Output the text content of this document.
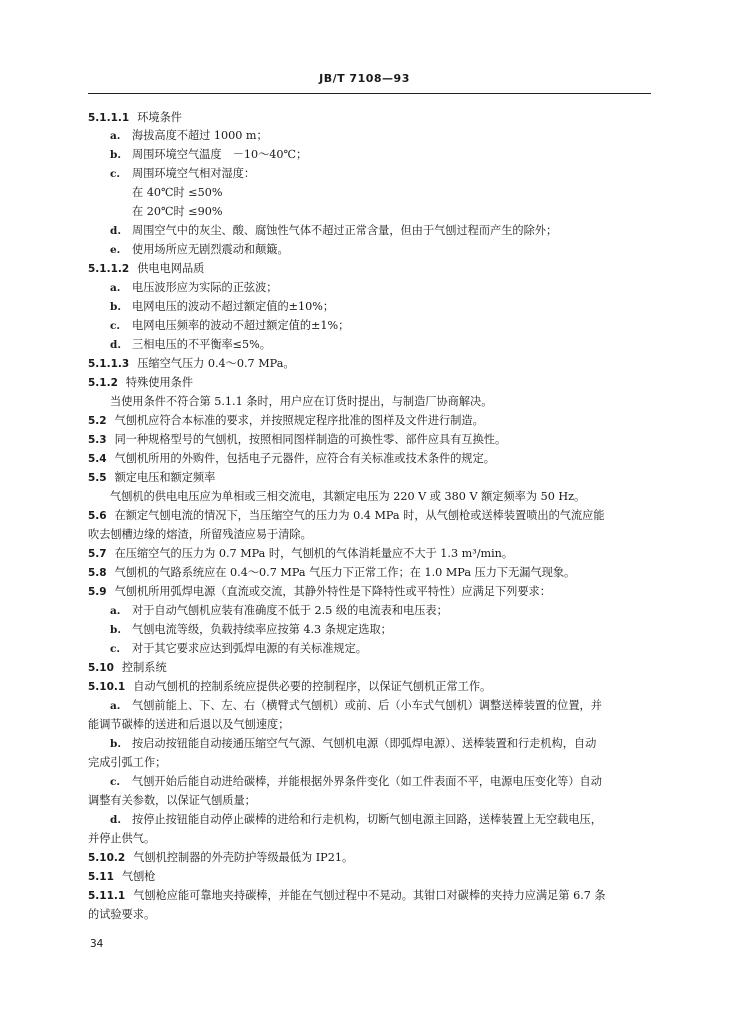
JB/T 7108—93
5.1.1.1 环境条件
a. 海拔高度不超过 1000 m；
b. 周围环境空气温度　－10～40℃；
c. 周围环境空气相对湿度：
在 40℃时 ≤50%
在 20℃时 ≤90%
d. 周围空气中的灰尘、酸、腐蚀性气体不超过正常含量，但由于气刨过程而产生的除外；
e. 使用场所应无剧烈震动和颠簸。
5.1.1.2 供电电网品质
a. 电压波形应为实际的正弦波；
b. 电网电压的波动不超过额定值的±10%；
c. 电网电压频率的波动不超过额定值的±1%；
d. 三相电压的不平衡率≤5%。
5.1.1.3 压缩空气压力 0.4～0.7 MPa。
5.1.2 特殊使用条件
当使用条件不符合第 5.1.1 条时，用户应在订货时提出，与制造厂协商解决。
5.2 气刨机应符合本标准的要求，并按照规定程序批准的图样及文件进行制造。
5.3 同一种规格型号的气刨机，按照相同图样制造的可换性零、部件应具有互换性。
5.4 气刨机所用的外购件，包括电子元器件，应符合有关标准或技术条件的规定。
5.5 额定电压和额定频率
气刨机的供电电压应为单相或三相交流电，其额定电压为 220 V 或 380 V 额定频率为 50 Hz。
5.6 在额定气刨电流的情况下，当压缩空气的压力为 0.4 MPa 时，从气刨枪或送棒装置喷出的气流应能
吹去刨槽边缘的熔渣，所留残渣应易于清除。
5.7 在压缩空气的压力为 0.7 MPa 时，气刨机的气体消耗量应不大于 1.3 m³/min。
5.8 气刨机的气路系统应在 0.4～0.7 MPa 气压力下正常工作；在 1.0 MPa 压力下无漏气现象。
5.9 气刨机所用弧焊电源（直流或交流，其静外特性是下降特性或平特性）应满足下列要求：
a. 对于自动气刨机应装有准确度不低于 2.5 级的电流表和电压表；
b. 气刨电流等级，负载持续率应按第 4.3 条规定选取；
c. 对于其它要求应达到弧焊电源的有关标准规定。
5.10 控制系统
5.10.1 自动气刨机的控制系统应提供必要的控制程序，以保证气刨机正常工作。
a. 气刨前能上、下、左、右（横臂式气刨机）或前、后（小车式气刨机）调整送棒装置的位置，并
能调节碳棒的送进和后退以及气刨速度；
b. 按启动按钮能自动接通压缩空气气源、气刨机电源（即弧焊电源）、送棒装置和行走机构，自动
完成引弧工作；
c. 气刨开始后能自动进给碳棒，并能根据外界条件变化（如工件表面不平，电源电压变化等）自动
调整有关参数，以保证气刨质量；
d. 按停止按钮能自动停止碳棒的进给和行走机构，切断气刨电源主回路，送棒装置上无空载电压，
并停止供气。
5.10.2 气刨机控制器的外壳防护等级最低为 IP21。
5.11 气刨枪
5.11.1 气刨枪应能可靠地夹持碳棒，并能在气刨过程中不晃动。其钳口对碳棒的夹持力应满足第 6.7 条
的试验要求。
34
